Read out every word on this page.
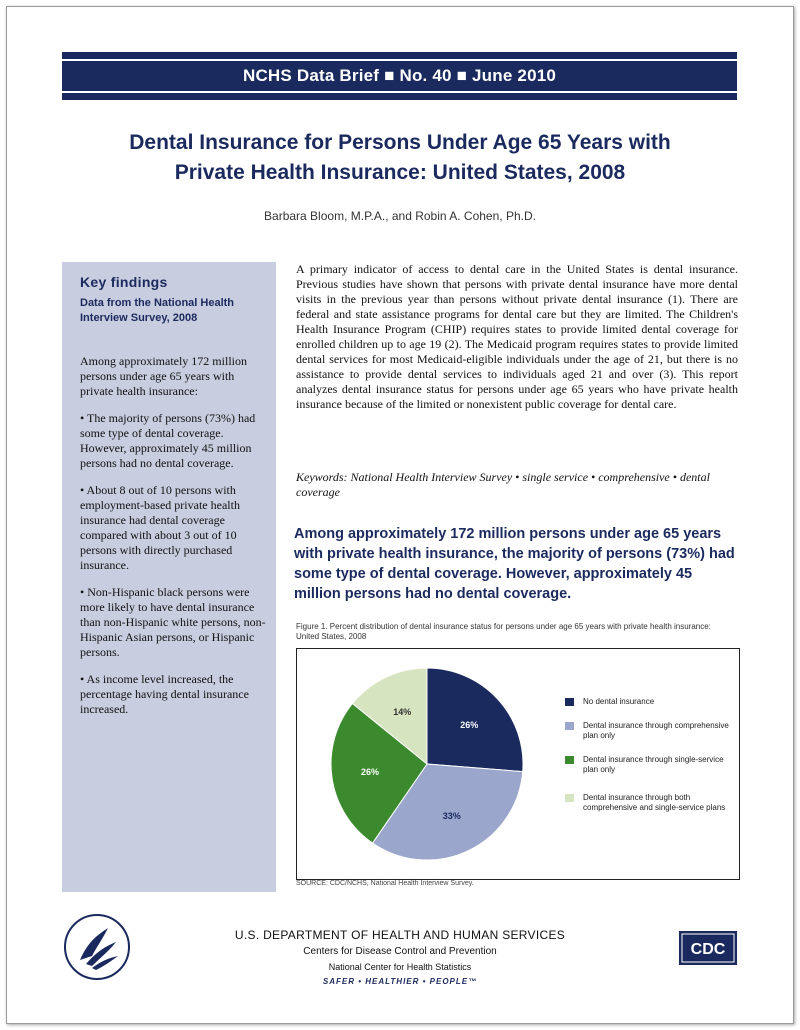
NCHS Data Brief ■ No. 40 ■ June 2010
Dental Insurance for Persons Under Age 65 Years with
Private Health Insurance: United States, 2008
Barbara Bloom, M.P.A., and Robin A. Cohen, Ph.D.
Key findings
Data from the National Health Interview Survey, 2008

Among approximately 172 million persons under age 65 years with private health insurance:

• The majority of persons (73%) had some type of dental coverage. However, approximately 45 million persons had no dental coverage.

• About 8 out of 10 persons with employment-based private health insurance had dental coverage compared with about 3 out of 10 persons with directly purchased insurance.

• Non-Hispanic black persons were more likely to have dental insurance than non-Hispanic white persons, non-Hispanic Asian persons, or Hispanic persons.

• As income level increased, the percentage having dental insurance increased.

A primary indicator of access to dental care in the United States is dental insurance. Previous studies have shown that persons with private dental insurance have more dental visits in the previous year than persons without private dental insurance (1). There are federal and state assistance programs for dental care but they are limited. The Children's Health Insurance Program (CHIP) requires states to provide limited dental coverage for enrolled children up to age 19 (2). The Medicaid program requires states to provide limited dental services for most Medicaid-eligible individuals under the age of 21, but there is no assistance to provide dental services to individuals aged 21 and over (3). This report analyzes dental insurance status for persons under age 65 years who have private health insurance because of the limited or nonexistent public coverage for dental care.
Keywords: National Health Interview Survey • single service • comprehensive • dental coverage
Among approximately 172 million persons under age 65 years with private health insurance, the majority of persons (73%) had some type of dental coverage. However, approximately 45 million persons had no dental coverage.
Figure 1. Percent distribution of dental insurance status for persons under age 65 years with private health insurance: United States, 2008
26%
33%
26%
14%
No dental insurance
Dental insurance through comprehensive plan only
Dental insurance through single-service plan only
Dental insurance through both comprehensive and single-service plans
SOURCE: CDC/NCHS, National Health Interview Survey.
U.S. DEPARTMENT OF HEALTH AND HUMAN SERVICES
Centers for Disease Control and Prevention
National Center for Health Statistics
SAFER • HEALTHIER • PEOPLE™
CDC
